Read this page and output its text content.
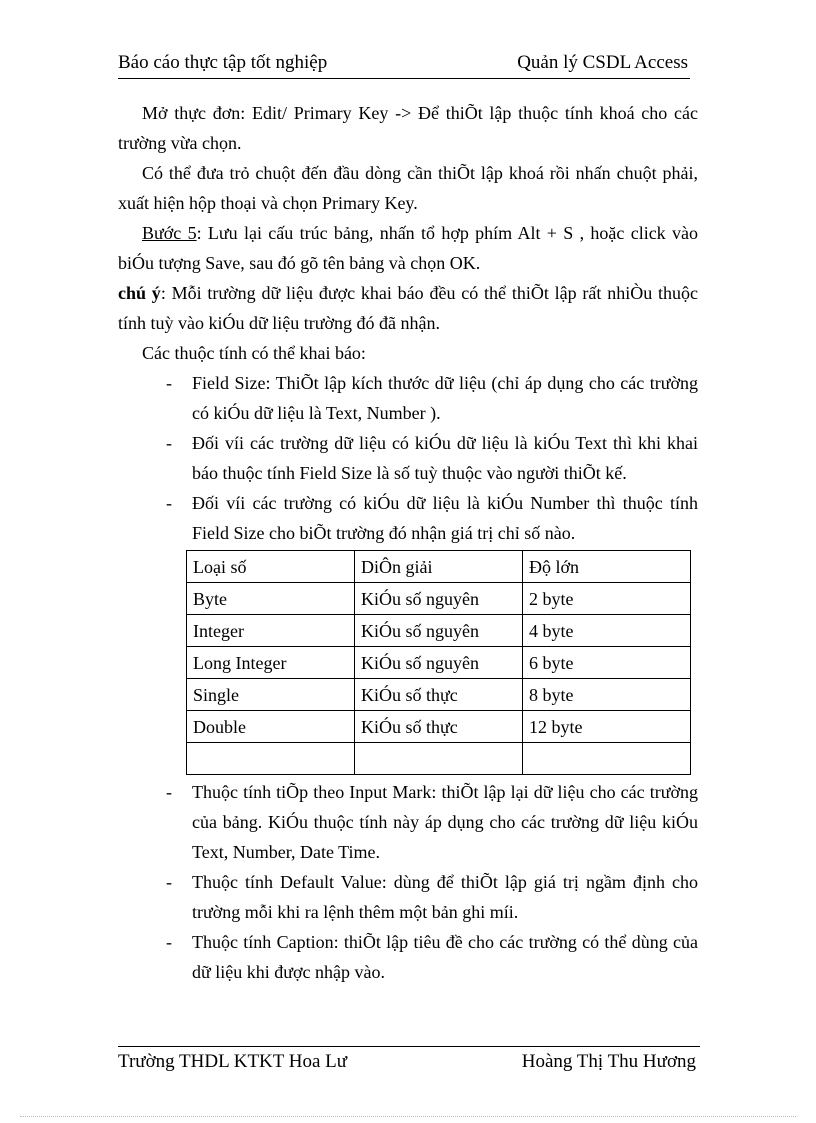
Báo cáo thực tập tốt nghiệp	Quản lý CSDL Access
Mở thực đơn: Edit/ Primary Key -> Để thiÕt lập thuộc tính khoá cho các trường vừa chọn.
Có thể đưa trỏ chuột đến đầu dòng cần thiÕt lập khoá rồi nhấn chuột phải, xuất hiện hộp thoại và chọn Primary Key.
Bước 5: Lưu lại cấu trúc bảng, nhấn tổ hợp phím Alt + S , hoặc click vào biÓu tượng Save, sau đó gõ tên bảng và chọn OK.
chú ý: Mỗi trường dữ liệu được khai báo đều có thể thiÕt lập rất nhiÒu thuộc tính tuỳ vào kiÓu dữ liệu trường đó đã nhận.
Các thuộc tính có thể khai báo:
- Field Size: ThiÕt lập kích thước dữ liệu (chỉ áp dụng cho các trường có kiÓu dữ liệu là Text, Number ).
- Đối víi các trường dữ liệu có kiÓu dữ liệu là kiÓu Text thì khi khai báo thuộc tính Field Size là số tuỳ thuộc vào người thiÕt kế.
- Đối víi các trường có kiÓu dữ liệu là kiÓu Number thì thuộc tính Field Size cho biÕt trường đó nhận giá trị chỉ số nào.
Loại số	DiÔn giải	Độ lớn
Byte	KiÓu số nguyên	2 byte
Integer	KiÓu số nguyên	4 byte
Long Integer	KiÓu số nguyên	6 byte
Single	KiÓu số thực	8 byte
Double	KiÓu số thực	12 byte

- Thuộc tính tiÕp theo Input Mark: thiÕt lập lại dữ liệu cho các trường của bảng. KiÓu thuộc tính này áp dụng cho các trường dữ liệu kiÓu Text, Number, Date Time.
- Thuộc tính Default Value: dùng để thiÕt lập giá trị ngầm định cho trường mỗi khi ra lệnh thêm một bản ghi míi.
- Thuộc tính Caption: thiÕt lập tiêu đề cho các trường có thể dùng của dữ liệu khi được nhập vào.
Trường THDL KTKT Hoa Lư	Hoàng Thị Thu Hương
